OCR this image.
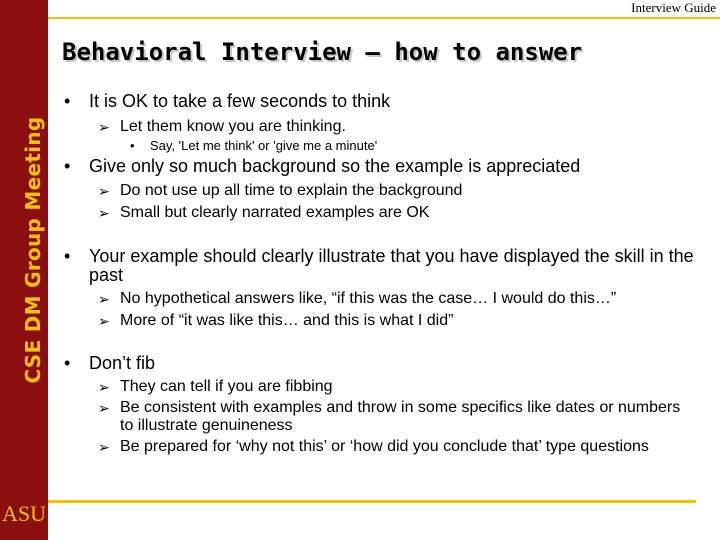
CSE DM Group Meeting
ASU
Interview Guide
Behavioral Interview – how to answer
• It is OK to take a few seconds to think
➢ Let them know you are thinking.
• Say, 'Let me think' or 'give me a minute'
• Give only so much background so the example is appreciated
➢ Do not use up all time to explain the background
➢ Small but clearly narrated examples are OK
• Your example should clearly illustrate that you have displayed the skill in the past
➢ No hypothetical answers like, “if this was the case… I would do this…”
➢ More of “it was like this… and this is what I did”
• Don’t fib
➢ They can tell if you are fibbing
➢ Be consistent with examples and throw in some specifics like dates or numbers to illustrate genuineness
➢ Be prepared for ‘why not this’ or ‘how did you conclude that’ type questions
